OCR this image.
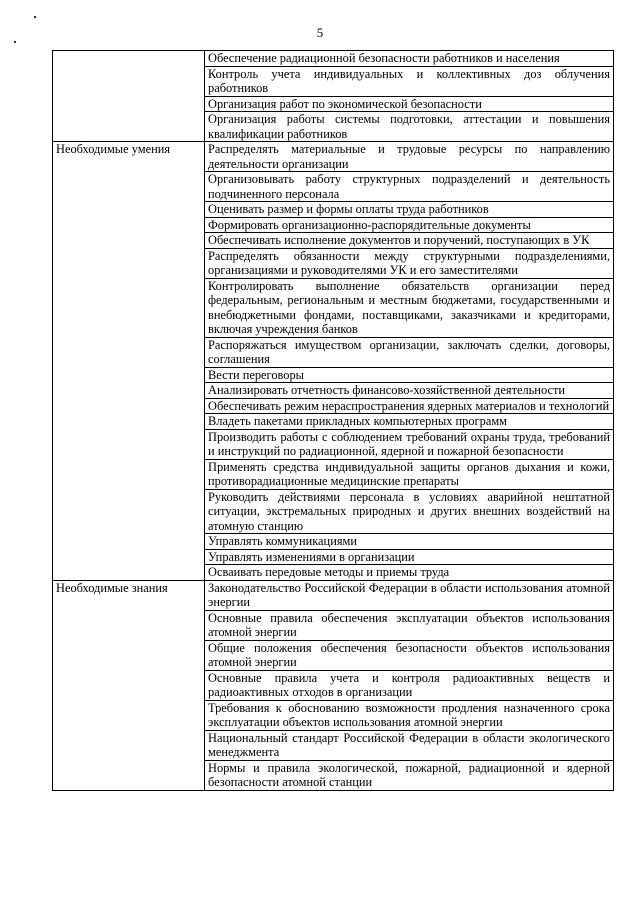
5
	Обеспечение радиационной безопасности работников и населения
	Контроль учета индивидуальных и коллективных доз облучения работников
	Организация работ по экономической безопасности
	Организация работы системы подготовки, аттестации и повышения квалификации работников
Необходимые умения	Распределять материальные и трудовые ресурсы по направлению деятельности организации
	Организовывать работу структурных подразделений и деятельность подчиненного персонала
	Оценивать размер и формы оплаты труда работников
	Формировать организационно-распорядительные документы
	Обеспечивать исполнение документов и поручений, поступающих в УК
	Распределять обязанности между структурными подразделениями, организациями и руководителями УК и его заместителями
	Контролировать выполнение обязательств организации перед федеральным, региональным и местным бюджетами, государственными и внебюджетными фондами, поставщиками, заказчиками и кредиторами, включая учреждения банков
	Распоряжаться имуществом организации, заключать сделки, договоры, соглашения
	Вести переговоры
	Анализировать отчетность финансово-хозяйственной деятельности
	Обеспечивать режим нераспространения ядерных материалов и технологий
	Владеть пакетами прикладных компьютерных программ
	Производить работы с соблюдением требований охраны труда, требований и инструкций по радиационной, ядерной и пожарной безопасности
	Применять средства индивидуальной защиты органов дыхания и кожи, противорадиационные медицинские препараты
	Руководить действиями персонала в условиях аварийной нештатной ситуации, экстремальных природных и других внешних воздействий на атомную станцию
	Управлять коммуникациями
	Управлять изменениями в организации
	Осваивать передовые методы и приемы труда
Необходимые знания	Законодательство Российской Федерации в области использования атомной энергии
	Основные правила обеспечения эксплуатации объектов использования атомной энергии
	Общие положения обеспечения безопасности объектов использования атомной энергии
	Основные правила учета и контроля радиоактивных веществ и радиоактивных отходов в организации
	Требования к обоснованию возможности продления назначенного срока эксплуатации объектов использования атомной энергии
	Национальный стандарт Российской Федерации в области экологического менеджмента
	Нормы и правила экологической, пожарной, радиационной и ядерной безопасности атомной станции
